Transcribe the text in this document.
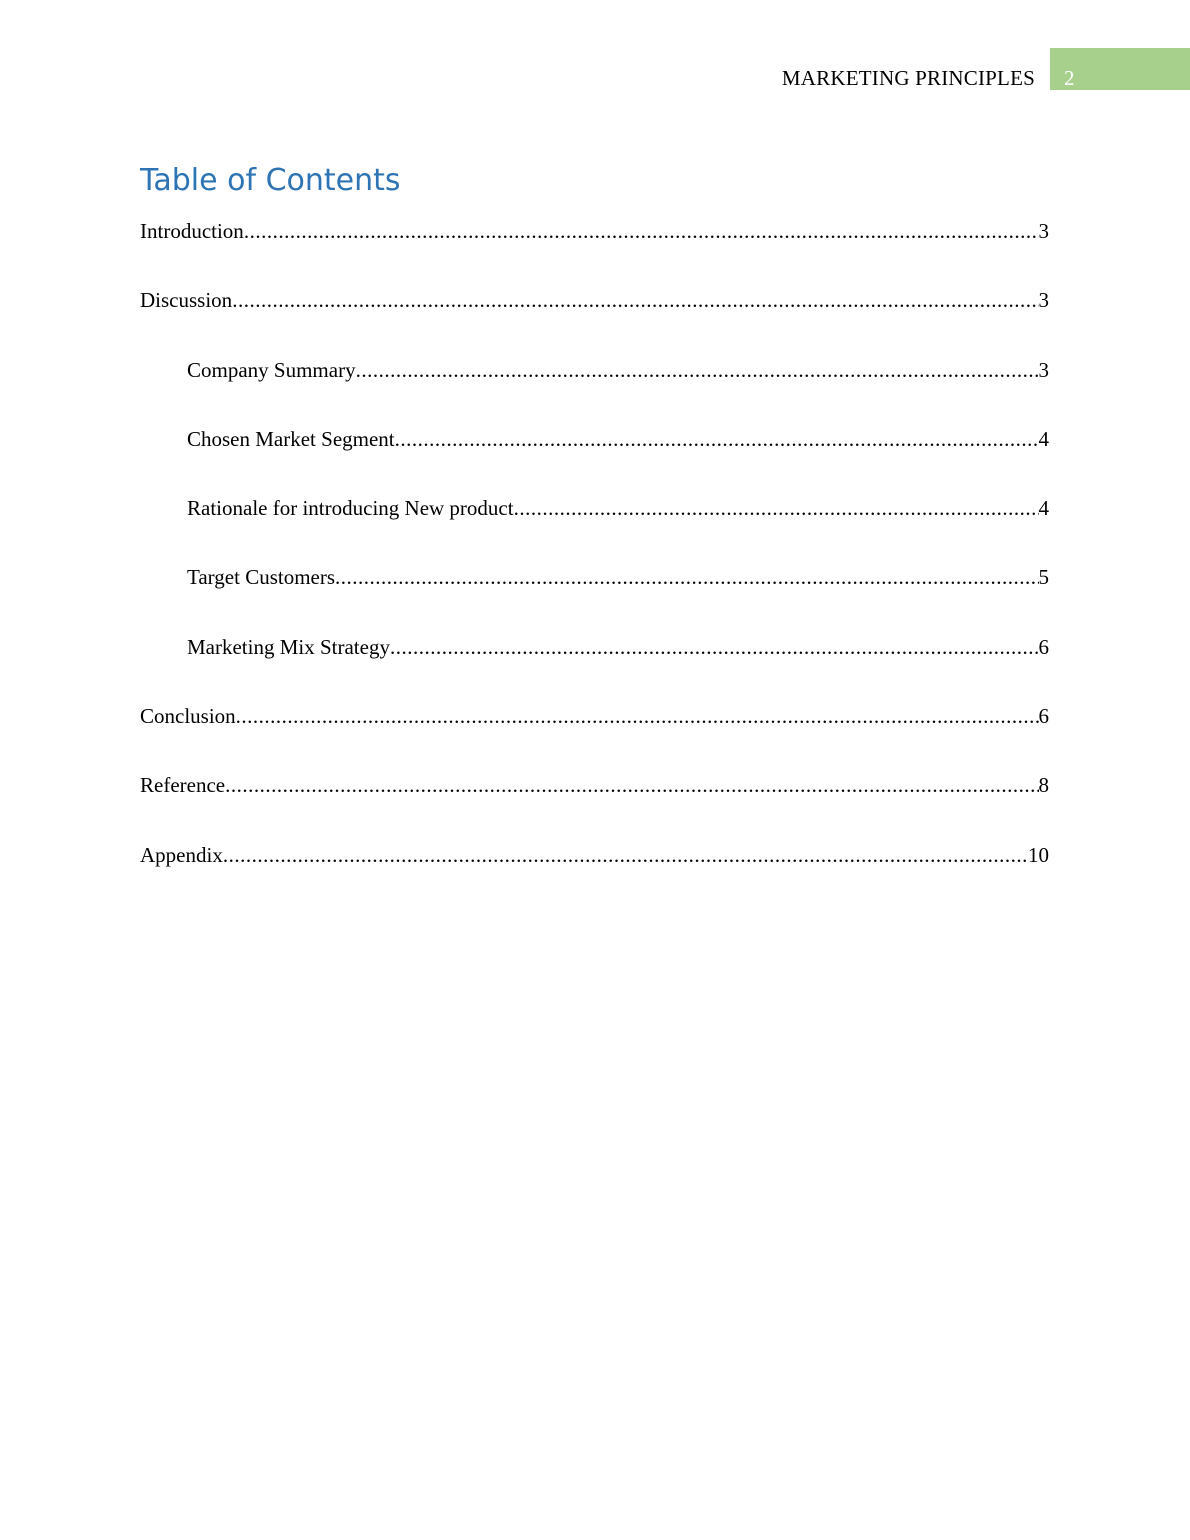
MARKETING PRINCIPLES	2
Table of Contents
Introduction .....	3
Discussion .....	3
Company Summary .....	3
Chosen Market Segment .....	4
Rationale for introducing New product .....	4
Target Customers .....	5
Marketing Mix Strategy .....	6
Conclusion .....	6
Reference .....	8
Appendix .....	10
